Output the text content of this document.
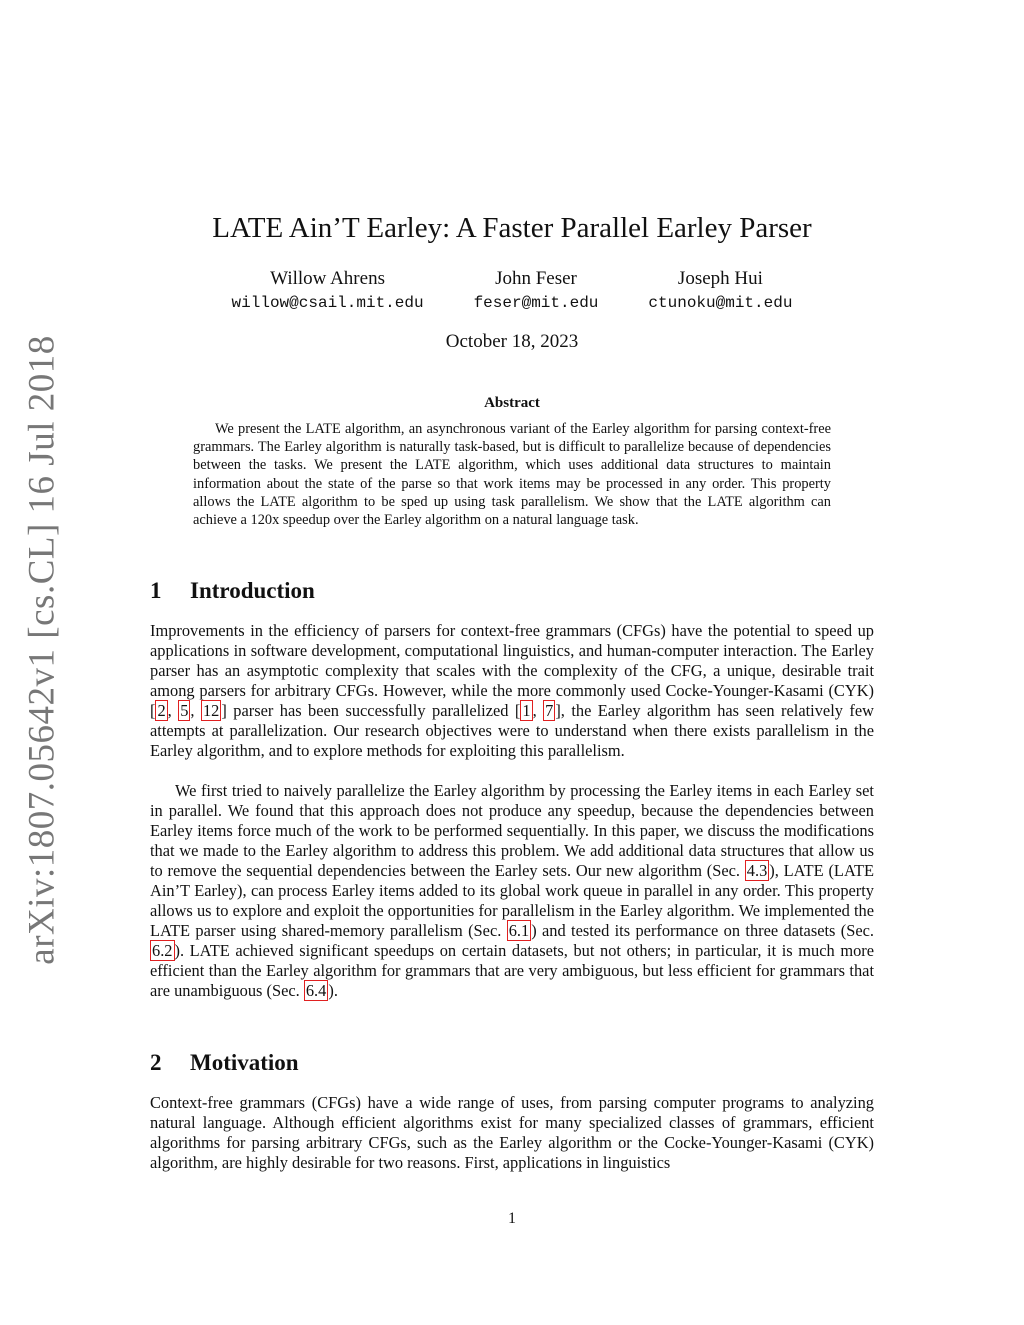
arXiv:1807.05642v1 [cs.CL] 16 Jul 2018
LATE Ain’T Earley: A Faster Parallel Earley Parser
Willow Ahrens
willow@csail.mit.edu
John Feser
feser@mit.edu
Joseph Hui
ctunoku@mit.edu
October 18, 2023
Abstract

We present the LATE algorithm, an asynchronous variant of the Earley algorithm for parsing context-free grammars. The Earley algorithm is naturally task-based, but is difficult to parallelize because of dependencies between the tasks. We present the LATE algorithm, which uses additional data structures to maintain information about the state of the parse so that work items may be processed in any order. This property allows the LATE algorithm to be sped up using task parallelism. We show that the LATE algorithm can achieve a 120x speedup over the Earley algorithm on a natural language task.

1 Introduction

Improvements in the efficiency of parsers for context-free grammars (CFGs) have the potential to speed up applications in software development, computational linguistics, and human-computer interaction. The Earley parser has an asymptotic complexity that scales with the complexity of the CFG, a unique, desirable trait among parsers for arbitrary CFGs. However, while the more commonly used Cocke-Younger-Kasami (CYK) [ 2 , 5 , 12 ] parser has been successfully parallelized [ 1 , 7 ], the Earley algorithm has seen relatively few attempts at parallelization. Our research objectives were to understand when there exists parallelism in the Earley algorithm, and to explore methods for exploiting this parallelism.

We first tried to naively parallelize the Earley algorithm by processing the Earley items in each Earley set in parallel. We found that this approach does not produce any speedup, because the dependencies between Earley items force much of the work to be performed sequentially. In this paper, we discuss the modifications that we made to the Earley algorithm to address this problem. We add additional data structures that allow us to remove the sequential dependencies between the Earley sets. Our new algorithm (Sec. 4.3 ), LATE (LATE Ain’T Earley), can process Earley items added to its global work queue in parallel in any order. This property allows us to explore and exploit the opportunities for parallelism in the Earley algorithm. We implemented the LATE parser using shared-memory parallelism (Sec. 6.1 ) and tested its performance on three datasets (Sec. 6.2 ). LATE achieved significant speedups on certain datasets, but not others; in particular, it is much more efficient than the Earley algorithm for grammars that are very ambiguous, but less efficient for grammars that are unambiguous (Sec. 6.4 ).

2 Motivation

Context-free grammars (CFGs) have a wide range of uses, from parsing computer programs to analyzing natural language. Although efficient algorithms exist for many specialized classes of grammars, efficient algorithms for parsing arbitrary CFGs, such as the Earley algorithm or the Cocke-Younger-Kasami (CYK) algorithm, are highly desirable for two reasons. First, applications in linguistics

1
